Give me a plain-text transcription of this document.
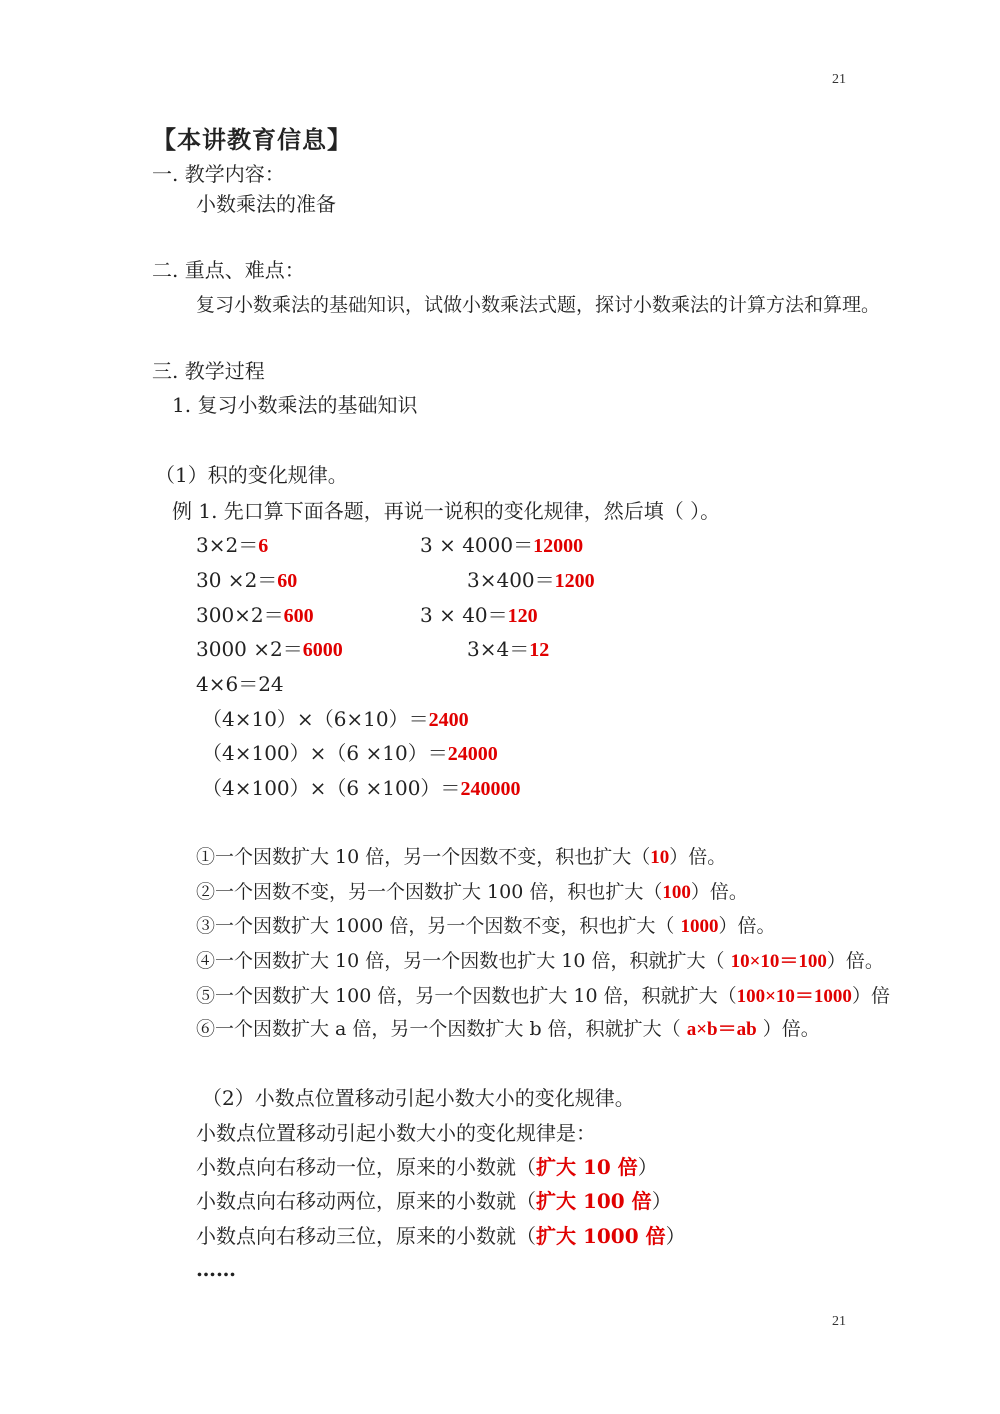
21
【本讲教育信息】
一. 教学内容：
小数乘法的准备
二. 重点、难点：
复习小数乘法的基础知识，试做小数乘法式题，探讨小数乘法的计算方法和算理。
三. 教学过程
1. 复习小数乘法的基础知识
（1）积的变化规律。
例 1. 先口算下面各题，再说一说积的变化规律，然后填（ ）。
3×2＝6
30 ×2＝60
300×2＝600
3000 ×2＝6000
3 × 4000＝12000
3×400＝1200
3 × 40＝120
3×4＝12
4×6＝24
（4×10）×（6×10）＝2400
（4×100）×（6 ×10）＝24000
（4×100）×（6 ×100）＝240000
①一个因数扩大 10 倍，另一个因数不变，积也扩大（10）倍。
②一个因数不变，另一个因数扩大 100 倍，积也扩大（100）倍。
③一个因数扩大 1000 倍，另一个因数不变，积也扩大（ 1000）倍。
④一个因数扩大 10 倍，另一个因数也扩大 10 倍，积就扩大（ 10×10＝100）倍。
⑤一个因数扩大 100 倍，另一个因数也扩大 10 倍，积就扩大（100×10＝1000）倍
⑥一个因数扩大 a 倍，另一个因数扩大 b 倍，积就扩大（ a×b＝ab ）倍。
（2）小数点位置移动引起小数大小的变化规律。
小数点位置移动引起小数大小的变化规律是：
小数点向右移动一位，原来的小数就（扩大 10 倍）
小数点向右移动两位，原来的小数就（扩大 100 倍）
小数点向右移动三位，原来的小数就（扩大 1000 倍）
……
21
